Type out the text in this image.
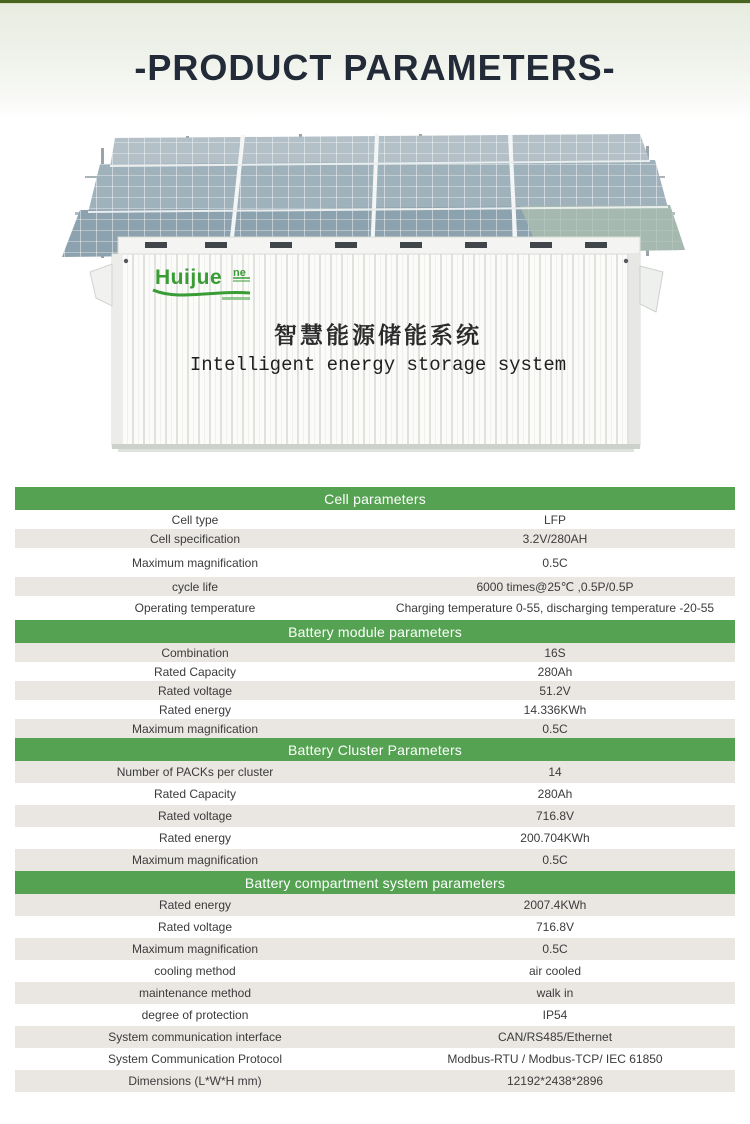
-PRODUCT PARAMETERS-
Huijue ne
智慧能源储能系统
Intelligent energy storage system
Cell parameters
Cell type	LFP
Cell specification	3.2V/280AH
Maximum magnification	0.5C
cycle life	6000 times@25℃ ,0.5P/0.5P
Operating temperature	Charging temperature 0-55, discharging temperature -20-55
Battery module parameters
Combination	16S
Rated Capacity	280Ah
Rated voltage	51.2V
Rated energy	14.336KWh
Maximum magnification	0.5C
Battery Cluster Parameters
Number of PACKs per cluster	14
Rated Capacity	280Ah
Rated voltage	716.8V
Rated energy	200.704KWh
Maximum magnification	0.5C
Battery compartment system parameters
Rated energy	2007.4KWh
Rated voltage	716.8V
Maximum magnification	0.5C
cooling method	air cooled
maintenance method	walk in
degree of protection	IP54
System communication interface	CAN/RS485/Ethernet
System Communication Protocol	Modbus-RTU / Modbus-TCP/ IEC 61850
Dimensions (L*W*H mm)	12192*2438*2896
